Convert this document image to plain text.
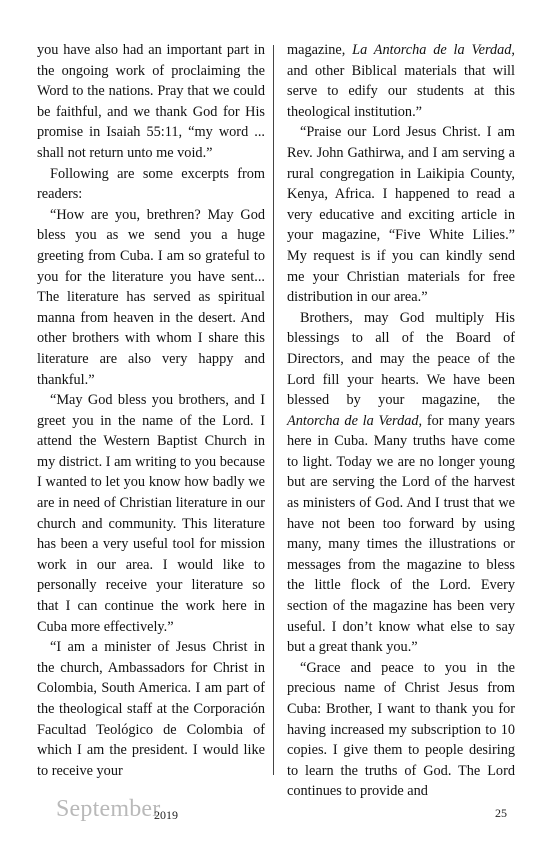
you have also had an important part in the ongoing work of proclaiming the Word to the nations. Pray that we could be faithful, and we thank God for His promise in Isaiah 55:11, “my word ... shall not return unto me void.”

Following are some excerpts from readers:

“How are you, brethren? May God bless you as we send you a huge greeting from Cuba. I am so grateful to you for the literature you have sent... The literature has served as spiritual manna from heaven in the desert. And other brothers with whom I share this literature are also very happy and thankful.”

“May God bless you brothers, and I greet you in the name of the Lord. I attend the Western Baptist Church in my district. I am writing to you because I wanted to let you know how badly we are in need of Christian literature in our church and community. This literature has been a very useful tool for mission work in our area. I would like to personally receive your literature so that I can continue the work here in Cuba more effectively.”

“I am a minister of Jesus Christ in the church, Ambassadors for Christ in Colombia, South America. I am part of the theological staff at the Corporación Facultad Teológico de Colombia of which I am the president. I would like to receive your

magazine, La Antorcha de la Verdad, and other Biblical materials that will serve to edify our students at this theological institution.”

“Praise our Lord Jesus Christ. I am Rev. John Gathirwa, and I am serving a rural congregation in Laikipia County, Kenya, Africa. I happened to read a very educative and exciting article in your magazine, “Five White Lilies.” My request is if you can kindly send me your Christian materials for free distribution in our area.”

Brothers, may God multiply His blessings to all of the Board of Directors, and may the peace of the Lord fill your hearts. We have been blessed by your magazine, the Antorcha de la Verdad, for many years here in Cuba. Many truths have come to light. Today we are no longer young but are serving the Lord of the harvest as ministers of God. And I trust that we have not been too forward by using many, many times the illustrations or messages from the magazine to bless the little flock of the Lord. Every section of the magazine has been very useful. I don’t know what else to say but a great thank you.”

“Grace and peace to you in the precious name of Christ Jesus from Cuba: Brother, I want to thank you for having increased my subscription to 10 copies. I give them to people desiring to learn the truths of God. The Lord continues to provide and

September
2019	25
